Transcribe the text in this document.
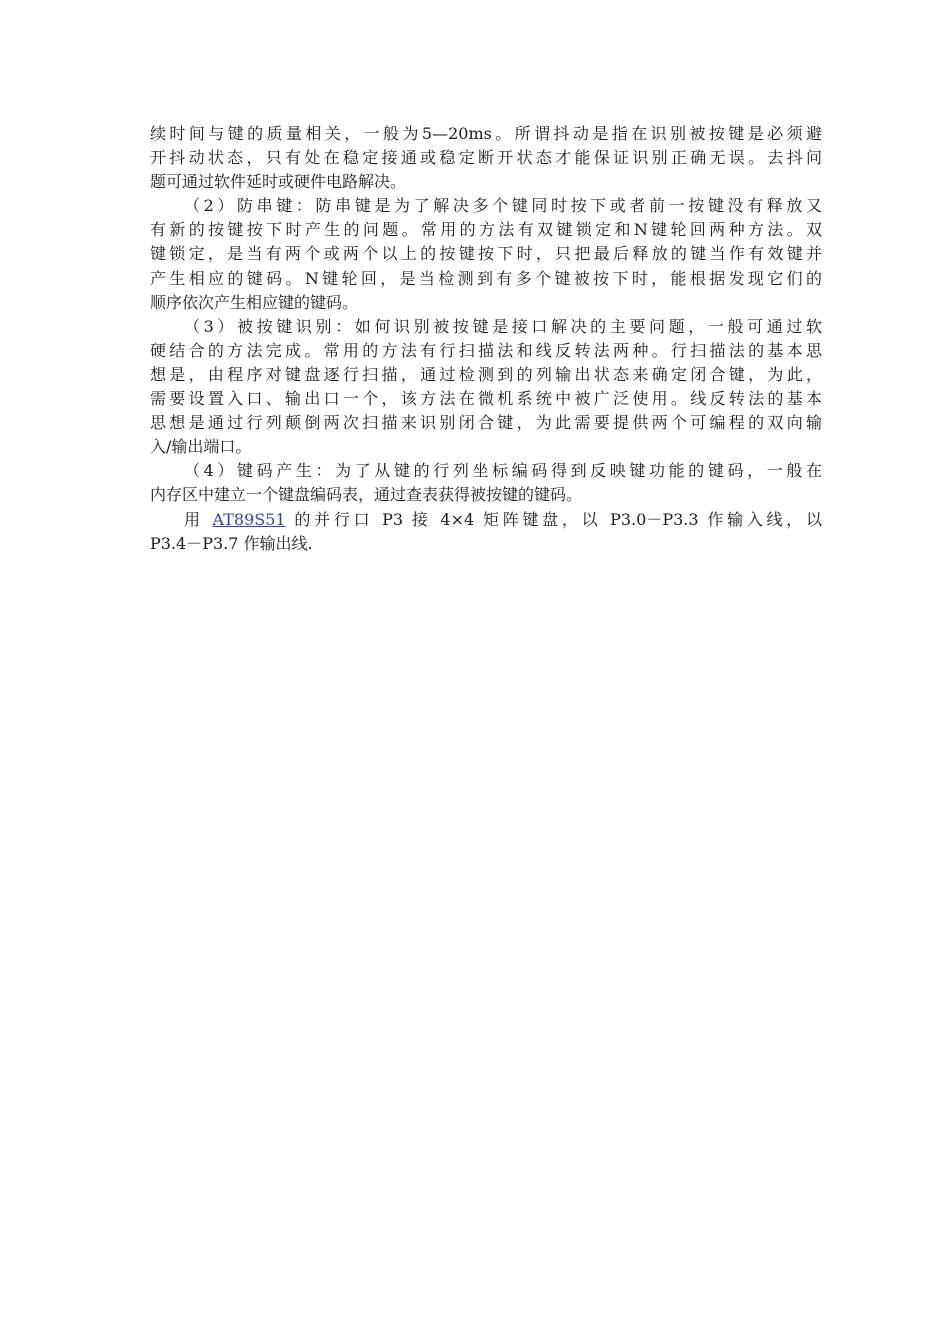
续时间与键的质量相关，一般为5—20ms。所谓抖动是指在识别被按键是必须避
开抖动状态，只有处在稳定接通或稳定断开状态才能保证识别正确无误。去抖问
题可通过软件延时或硬件电路解决。
（2）防串键：防串键是为了解决多个键同时按下或者前一按键没有释放又
有新的按键按下时产生的问题。常用的方法有双键锁定和N键轮回两种方法。双
键锁定，是当有两个或两个以上的按键按下时，只把最后释放的键当作有效键并
产生相应的键码。N键轮回，是当检测到有多个键被按下时，能根据发现它们的
顺序依次产生相应键的键码。
（3）被按键识别：如何识别被按键是接口解决的主要问题，一般可通过软
硬结合的方法完成。常用的方法有行扫描法和线反转法两种。行扫描法的基本思
想是，由程序对键盘逐行扫描，通过检测到的列输出状态来确定闭合键，为此，
需要设置入口、输出口一个，该方法在微机系统中被广泛使用。线反转法的基本
思想是通过行列颠倒两次扫描来识别闭合键，为此需要提供两个可编程的双向输
入/输出端口。
（4）键码产生：为了从键的行列坐标编码得到反映键功能的键码，一般在
内存区中建立一个键盘编码表，通过查表获得被按键的键码。
用 AT89S51 的并行口 P3 接 4×4 矩阵键盘，以 P3.0－P3.3 作输入线，以
P3.4－P3.7 作输出线.
